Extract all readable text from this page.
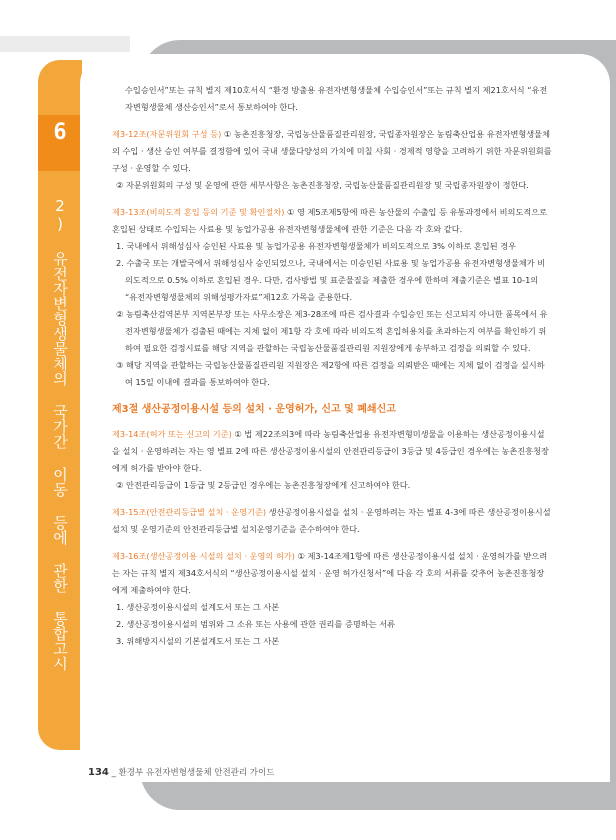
6
2) 유전자변형생물체의 국가간 이동 등에 관한 통합고시

수입승인서”또는 규칙 별지 제10호서식 “환경 방출용 유전자변형생물체 수입승인서”또는 규칙 별지 제21호서식 “유전자변형생물체 생산승인서”로서 통보하여야 한다.

제3-12조(자문위원회 구성 등) ① 농촌진흥청장, 국립농산물품질관리원장, 국립종자원장은 농림축산업용 유전자변형생물체의 수입 · 생산 승인 여부를 결정함에 있어 국내 생물다양성의 가치에 미칠 사회 · 경제적 영향을 고려하기 위한 자문위원회를 구성 · 운영할 수 있다.

② 자문위원회의 구성 및 운영에 관한 세부사항은 농촌진흥청장, 국립농산물품질관리원장 및 국립종자원장이 정한다.

제3-13조(비의도적 혼입 등의 기준 및 확인절차) ① 영 제5조제5항에 따른 농산물의 수출입 등 유통과정에서 비의도적으로 혼입된 상태로 수입되는 사료용 및 농업가공용 유전자변형생물체에 관한 기준은 다음 각 호와 같다.

1. 국내에서 위해성심사 승인된 사료용 및 농업가공용 유전자변형생물체가 비의도적으로 3% 이하로 혼입된 경우

2. 수출국 또는 개발국에서 위해성심사 승인되었으나, 국내에서는 미승인된 사료용 및 농업가공용 유전자변형생물체가 비의도적으로 0.5% 이하로 혼입된 경우. 다만, 검사방법 및 표준물질을 제출한 경우에 한하며 제출기준은 별표 10-1의 “유전자변형생물체의 위해성평가자료”제12호 가목을 준용한다.

② 농림축산검역본부 지역본부장 또는 사무소장은 제3-28조에 따른 검사결과 수입승인 또는 신고되지 아니한 품목에서 유전자변형생물체가 검출된 때에는 지체 없이 제1항 각 호에 따라 비의도적 혼입허용치를 초과하는지 여부를 확인하기 위하여 필요한 검정시료를 해당 지역을 관할하는 국립농산물품질관리원 지원장에게 송부하고 검정을 의뢰할 수 있다.

③ 해당 지역을 관할하는 국립농산물품질관리원 지원장은 제2항에 따른 검정을 의뢰받은 때에는 지체 없이 검정을 실시하여 15일 이내에 결과를 통보하여야 한다.

제3절 생산공정이용시설 등의 설치 · 운영허가, 신고 및 폐쇄신고

제3-14조(허가 또는 신고의 기준) ① 법 제22조의3에 따라 농림축산업용 유전자변형미생물을 이용하는 생산공정이용시설을 설치 · 운영하려는 자는 영 별표 2에 따른 생산공정이용시설의 안전관리등급이 3등급 및 4등급인 경우에는 농촌진흥청장에게 허가를 받아야 한다.

② 안전관리등급이 1등급 및 2등급인 경우에는 농촌진흥청장에게 신고하여야 한다.

제3-15조(안전관리등급별 설치 · 운영기준) 생산공정이용시설을 설치 · 운영하려는 자는 별표 4-3에 따른 생산공정이용시설 설치 및 운영기준의 안전관리등급별 설치운영기준을 준수하여야 한다.

제3-16조(생산공정이용 시설의 설치 · 운영의 허가) ① 제3-14조제1항에 따른 생산공정이용시설 설치 · 운영허가를 받으려는 자는 규칙 별지 제34호서식의 “생산공정이용시설 설치 · 운영 허가신청서”에 다음 각 호의 서류를 갖추어 농촌진흥청장에게 제출하여야 한다.

1. 생산공정이용시설의 설계도서 또는 그 사본

2. 생산공정이용시설의 범위와 그 소유 또는 사용에 관한 권리를 증명하는 서류

3. 위해방지시설의 기본설계도서 또는 그 사본

134 _ 환경부 유전자변형생물체 안전관리 가이드
